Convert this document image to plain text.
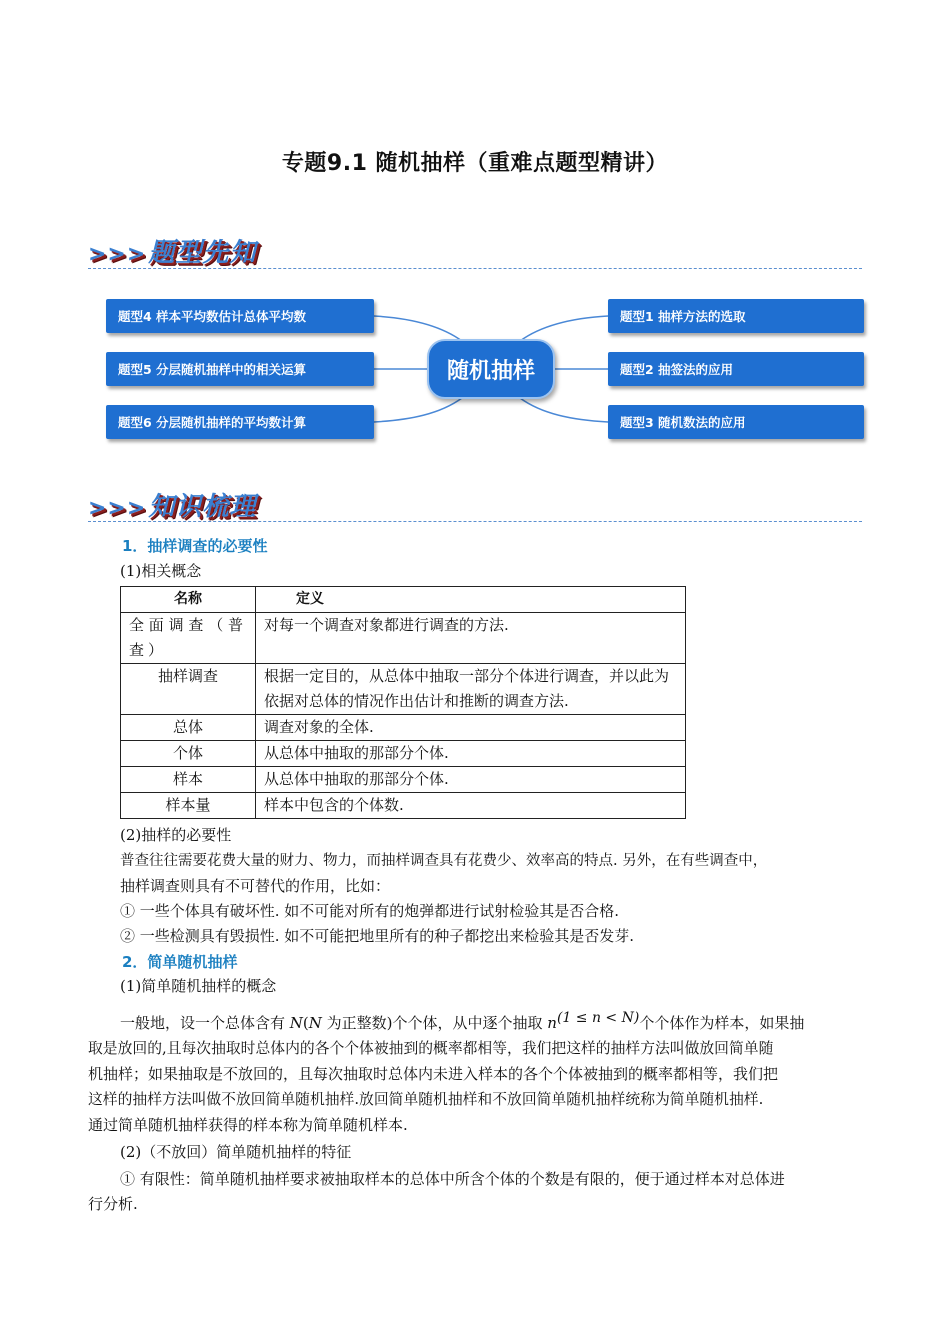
专题9.1 随机抽样（重难点题型精讲）
>>>题型先知
题型4 样本平均数估计总体平均数
题型5 分层随机抽样中的相关运算
题型6 分层随机抽样的平均数计算
随机抽样
题型1 抽样方法的选取
题型2 抽签法的应用
题型3 随机数法的应用
>>>知识梳理
1．抽样调查的必要性
(1)相关概念
名称	定义
全面调查（普查）	对每一个调查对象都进行调查的方法.
抽样调查	根据一定目的，从总体中抽取一部分个体进行调查，并以此为依据对总体的情况作出估计和推断的调查方法.
总体	调查对象的全体.
个体	从总体中抽取的那部分个体.
样本	从总体中抽取的那部分个体.
样本量	样本中包含的个体数.
(2)抽样的必要性
普查往往需要花费大量的财力、物力，而抽样调查具有花费少、效率高的特点. 另外，在有些调查中，
抽样调查则具有不可替代的作用，比如：
① 一些个体具有破坏性. 如不可能对所有的炮弹都进行试射检验其是否合格.
② 一些检测具有毁损性. 如不可能把地里所有的种子都挖出来检验其是否发芽.
2．简单随机抽样
(1)简单随机抽样的概念
一般地，设一个总体含有 N(N 为正整数)个个体，从中逐个抽取 n(1 ≤ n < N)个个体作为样本，如果抽
取是放回的,且每次抽取时总体内的各个个体被抽到的概率都相等，我们把这样的抽样方法叫做放回简单随
机抽样；如果抽取是不放回的，且每次抽取时总体内未进入样本的各个个体被抽到的概率都相等，我们把
这样的抽样方法叫做不放回简单随机抽样.放回简单随机抽样和不放回简单随机抽样统称为简单随机抽样.
通过简单随机抽样获得的样本称为简单随机样本.
(2)（不放回）简单随机抽样的特征
① 有限性：简单随机抽样要求被抽取样本的总体中所含个体的个数是有限的，便于通过样本对总体进
行分析.
